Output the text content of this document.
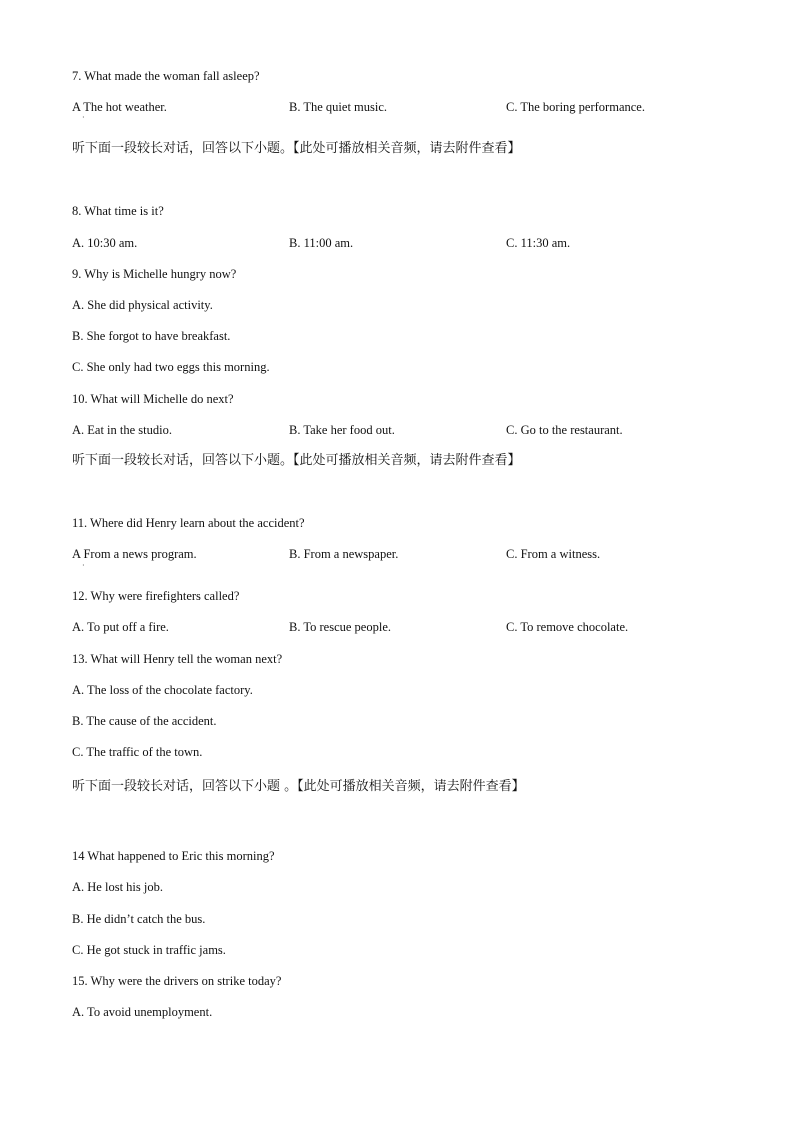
7. What made the woman fall asleep?
A The hot weather.
·
B. The quiet music.	C. The boring performance.
听下面一段较长对话，回答以下小题。【此处可播放相关音频，请去附件查看】
8. What time is it?
A. 10:30 am.	B. 11:00 am.	C. 11:30 am.
9. Why is Michelle hungry now?
A. She did physical activity.
B. She forgot to have breakfast.
C. She only had two eggs this morning.
10. What will Michelle do next?
A. Eat in the studio.	B. Take her food out.	C. Go to the restaurant.
听下面一段较长对话，回答以下小题。【此处可播放相关音频，请去附件查看】
11. Where did Henry learn about the accident?
A From a news program.
·
B. From a newspaper.	C. From a witness.
12. Why were firefighters called?
A. To put off a fire.	B. To rescue people.	C. To remove chocolate.
13. What will Henry tell the woman next?
A. The loss of the chocolate factory.
B. The cause of the accident.
C. The traffic of the town.
听下面一段较长对话，回答以下小题 。【此处可播放相关音频，请去附件查看】
14 What happened to Eric this morning?
A. He lost his job.
B. He didn’t catch the bus.
C. He got stuck in traffic jams.
15. Why were the drivers on strike today?
A. To avoid unemployment.
